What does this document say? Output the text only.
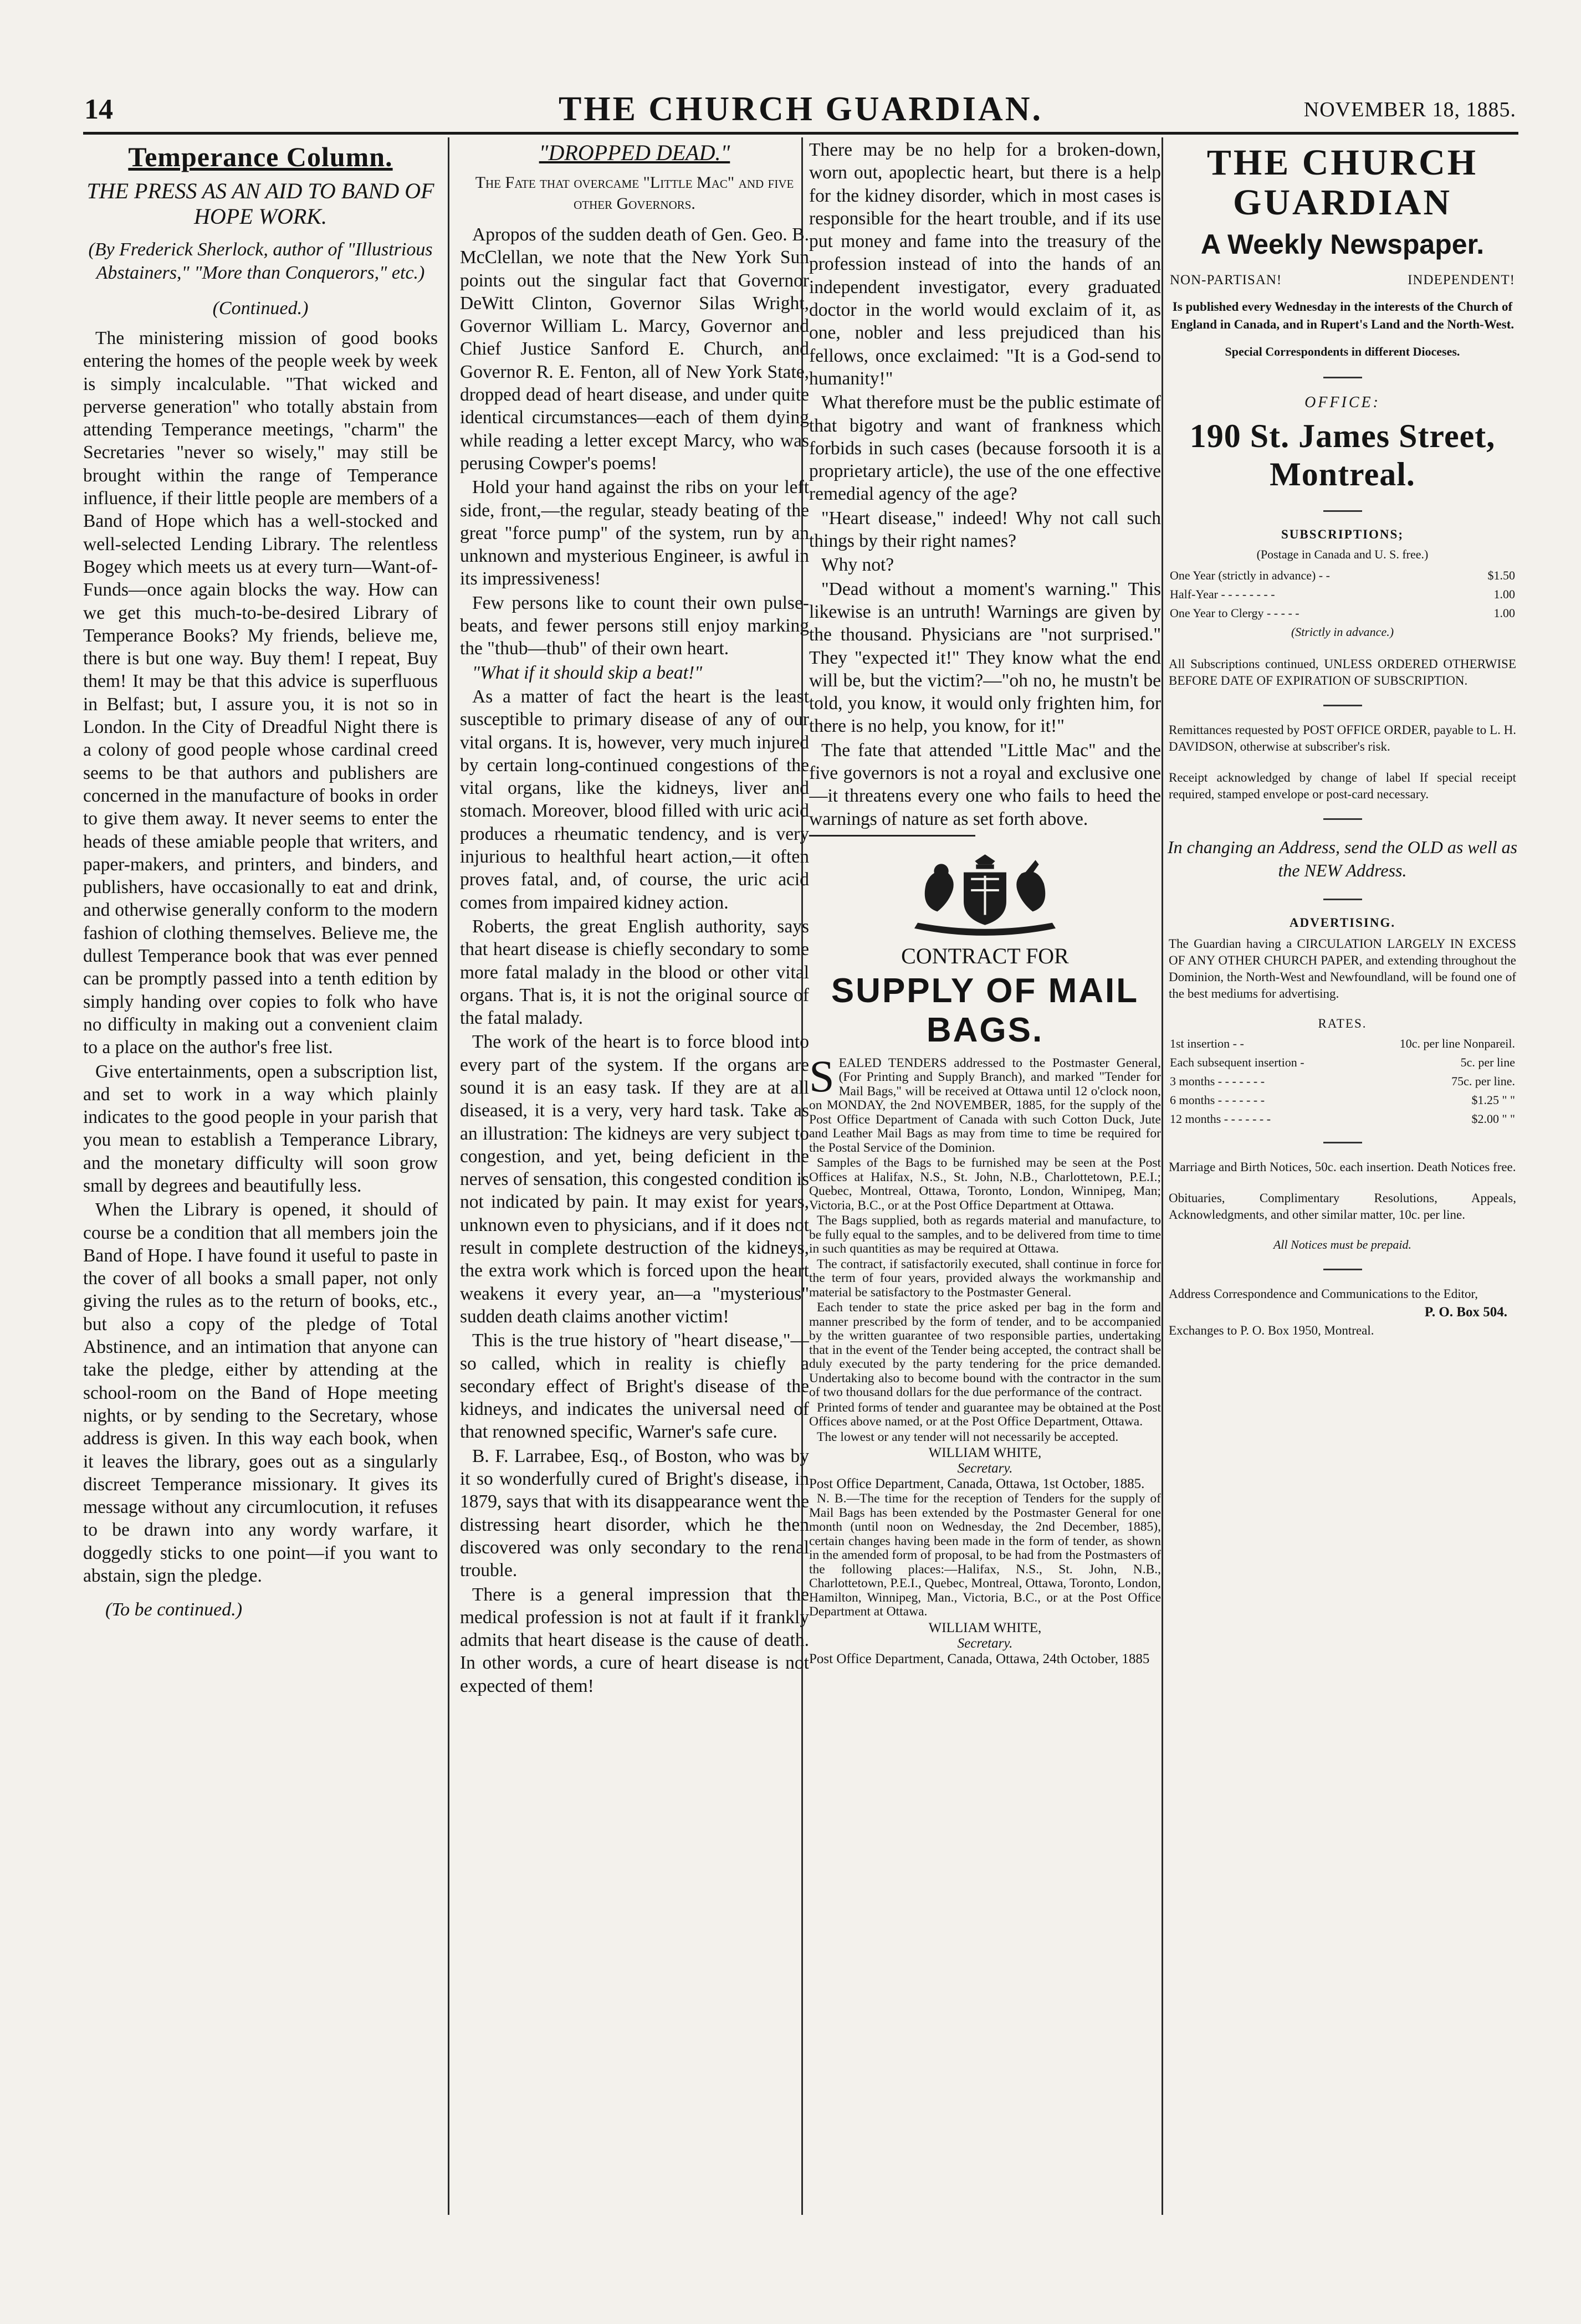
14	THE CHURCH GUARDIAN.	NOVEMBER 18, 1885.
Temperance Column.
THE PRESS AS AN AID TO BAND OF HOPE WORK.
(By Frederick Sherlock, author of "Illustrious Abstainers," "More than Conquerors," etc.)
(Continued.)

The ministering mission of good books entering the homes of the people week by week is simply incalculable. "That wicked and perverse generation" who totally abstain from attending Temperance meetings, "charm" the Secretaries "never so wisely," may still be brought within the range of Temperance influence, if their little people are members of a Band of Hope which has a well-stocked and well-selected Lending Library. The relentless Bogey which meets us at every turn—Want-of-Funds—once again blocks the way. How can we get this much-to-be-desired Library of Temperance Books? My friends, believe me, there is but one way. Buy them! I repeat, Buy them! It may be that this advice is superfluous in Belfast; but, I assure you, it is not so in London. In the City of Dreadful Night there is a colony of good people whose cardinal creed seems to be that authors and publishers are concerned in the manufacture of books in order to give them away. It never seems to enter the heads of these amiable people that writers, and paper-makers, and printers, and binders, and publishers, have occasionally to eat and drink, and otherwise generally conform to the modern fashion of clothing themselves. Believe me, the dullest Temperance book that was ever penned can be promptly passed into a tenth edition by simply handing over copies to folk who have no difficulty in making out a convenient claim to a place on the author's free list.

Give entertainments, open a subscription list, and set to work in a way which plainly indicates to the good people in your parish that you mean to establish a Temperance Library, and the monetary difficulty will soon grow small by degrees and beautifully less.

When the Library is opened, it should of course be a condition that all members join the Band of Hope. I have found it useful to paste in the cover of all books a small paper, not only giving the rules as to the return of books, etc., but also a copy of the pledge of Total Abstinence, and an intimation that anyone can take the pledge, either by attending at the school-room on the Band of Hope meeting nights, or by sending to the Secretary, whose address is given. In this way each book, when it leaves the library, goes out as a singularly discreet Temperance missionary. It gives its message without any circumlocution, it refuses to be drawn into any wordy warfare, it doggedly sticks to one point—if you want to abstain, sign the pledge.

(To be continued.)
"DROPPED DEAD."
The Fate that overcame "Little Mac" and five other Governors.

Apropos of the sudden death of Gen. Geo. B. McClellan, we note that the New York Sun points out the singular fact that Governor DeWitt Clinton, Governor Silas Wright, Governor William L. Marcy, Governor and Chief Justice Sanford E. Church, and Governor R. E. Fenton, all of New York State, dropped dead of heart disease, and under quite identical circumstances—each of them dying while reading a letter except Marcy, who was perusing Cowper's poems!

Hold your hand against the ribs on your left side, front,—the regular, steady beating of the great "force pump" of the system, run by an unknown and mysterious Engineer, is awful in its impressiveness!

Few persons like to count their own pulse-beats, and fewer persons still enjoy marking the "thub—thub" of their own heart.

"What if it should skip a beat!"

As a matter of fact the heart is the least susceptible to primary disease of any of our vital organs. It is, however, very much injured by certain long-continued congestions of the vital organs, like the kidneys, liver and stomach. Moreover, blood filled with uric acid produces a rheumatic tendency, and is very injurious to healthful heart action,—it often proves fatal, and, of course, the uric acid comes from impaired kidney action.

Roberts, the great English authority, says that heart disease is chiefly secondary to some more fatal malady in the blood or other vital organs. That is, it is not the original source of the fatal malady.

The work of the heart is to force blood into every part of the system. If the organs are sound it is an easy task. If they are at all diseased, it is a very, very hard task. Take as an illustration: The kidneys are very subject to congestion, and yet, being deficient in the nerves of sensation, this congested condition is not indicated by pain. It may exist for years, unknown even to physicians, and if it does not result in complete destruction of the kidneys, the extra work which is forced upon the heart weakens it every year, an—a "mysterious" sudden death claims another victim!

This is the true history of "heart disease,"—so called, which in reality is chiefly a secondary effect of Bright's disease of the kidneys, and indicates the universal need of that renowned specific, Warner's safe cure.

B. F. Larrabee, Esq., of Boston, who was by it so wonderfully cured of Bright's disease, in 1879, says that with its disappearance went the distressing heart disorder, which he then discovered was only secondary to the renal trouble.

There is a general impression that the medical profession is not at fault if it frankly admits that heart disease is the cause of death. In other words, a cure of heart disease is not expected of them!

There may be no help for a broken-down, worn out, apoplectic heart, but there is a help for the kidney disorder, which in most cases is responsible for the heart trouble, and if its use put money and fame into the treasury of the profession instead of into the hands of an independent investigator, every graduated doctor in the world would exclaim of it, as one, nobler and less prejudiced than his fellows, once exclaimed: "It is a God-send to humanity!"

What therefore must be the public estimate of that bigotry and want of frankness which forbids in such cases (because forsooth it is a proprietary article), the use of the one effective remedial agency of the age?

"Heart disease," indeed! Why not call such things by their right names?

Why not?

"Dead without a moment's warning." This likewise is an untruth! Warnings are given by the thousand. Physicians are "not surprised." They "expected it!" They know what the end will be, but the victim?—"oh no, he mustn't be told, you know, it would only frighten him, for there is no help, you know, for it!"

The fate that attended "Little Mac" and the five governors is not a royal and exclusive one—it threatens every one who fails to heed the warnings of nature as set forth above.

CONTRACT FOR
SUPPLY OF MAIL BAGS.

SEALED TENDERS addressed to the Postmaster General, (For Printing and Supply Branch), and marked "Tender for Mail Bags," will be received at Ottawa until 12 o'clock noon, on MONDAY, the 2nd NOVEMBER, 1885, for the supply of the Post Office Department of Canada with such Cotton Duck, Jute and Leather Mail Bags as may from time to time be required for the Postal Service of the Dominion.

Samples of the Bags to be furnished may be seen at the Post Offices at Halifax, N.S., St. John, N.B., Charlottetown, P.E.I.; Quebec, Montreal, Ottawa, Toronto, London, Winnipeg, Man; Victoria, B.C., or at the Post Office Department at Ottawa.

The Bags supplied, both as regards material and manufacture, to be fully equal to the samples, and to be delivered from time to time in such quantities as may be required at Ottawa.

The contract, if satisfactorily executed, shall continue in force for the term of four years, provided always the workmanship and material be satisfactory to the Postmaster General.

Each tender to state the price asked per bag in the form and manner prescribed by the form of tender, and to be accompanied by the written guarantee of two responsible parties, undertaking that in the event of the Tender being accepted, the contract shall be duly executed by the party tendering for the price demanded. Undertaking also to become bound with the contractor in the sum of two thousand dollars for the due performance of the contract.

Printed forms of tender and guarantee may be obtained at the Post Offices above named, or at the Post Office Department, Ottawa.

The lowest or any tender will not necessarily be accepted.

WILLIAM WHITE,
Secretary.
Post Office Department, Canada, Ottawa, 1st October, 1885.

N. B.—The time for the reception of Tenders for the supply of Mail Bags has been extended by the Postmaster General for one month (until noon on Wednesday, the 2nd December, 1885), certain changes having been made in the form of tender, as shown in the amended form of proposal, to be had from the Postmasters of the following places:—Halifax, N.S., St. John, N.B., Charlottetown, P.E.I., Quebec, Montreal, Ottawa, Toronto, London, Hamilton, Winnipeg, Man., Victoria, B.C., or at the Post Office Department at Ottawa.

WILLIAM WHITE,
Secretary.
Post Office Department, Canada, Ottawa, 24th October, 1885
THE CHURCH GUARDIAN
A Weekly Newspaper.
NON-PARTISAN!	INDEPENDENT!
Is published every Wednesday in the interests of the Church of England in Canada, and in Rupert's Land and the North-West.
Special Correspondents in different Dioceses.
OFFICE:
190 St. James Street, Montreal.
SUBSCRIPTIONS;
(Postage in Canada and U. S. free.)
One Year (strictly in advance) - -	$1.50
Half-Year - - - - - - - -	1.00
One Year to Clergy - - - - -	1.00
(Strictly in advance.)
All Subscriptions continued, UNLESS ORDERED OTHERWISE BEFORE DATE OF EXPIRATION OF SUBSCRIPTION.
Remittances requested by POST OFFICE ORDER, payable to L. H. DAVIDSON, otherwise at subscriber's risk.
Receipt acknowledged by change of label If special receipt required, stamped envelope or post-card necessary.
In changing an Address, send the OLD as well as the NEW Address.
ADVERTISING.
The Guardian having a CIRCULATION LARGELY IN EXCESS OF ANY OTHER CHURCH PAPER, and extending throughout the Dominion, the North-West and Newfoundland, will be found one of the best mediums for advertising.
RATES.
1st insertion - -	10c. per line Nonpareil.
Each subsequent insertion -	5c. per line
3 months - - - - - - -	75c. per line.
6 months - - - - - - -	$1.25 " "
12 months - - - - - - -	$2.00 " "
Marriage and Birth Notices, 50c. each insertion. Death Notices free.
Obituaries, Complimentary Resolutions, Appeals, Acknowledgments, and other similar matter, 10c. per line.
All Notices must be prepaid.
Address Correspondence and Communications to the Editor,
P. O. Box 504.
Exchanges to P. O. Box 1950, Montreal.
